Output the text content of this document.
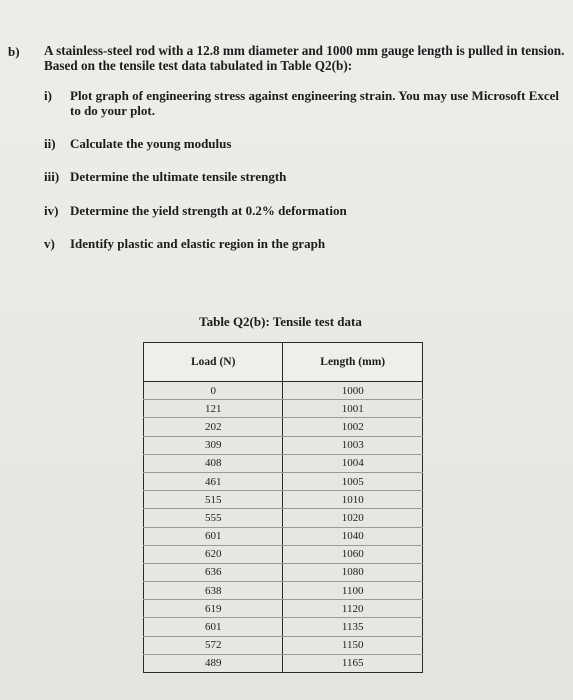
b) A stainless-steel rod with a 12.8 mm diameter and 1000 mm gauge length is pulled in tension. Based on the tensile test data tabulated in Table Q2(b):
i)	Plot graph of engineering stress against engineering strain. You may use Microsoft Excel to do your plot.
ii)	Calculate the young modulus
iii) Determine the ultimate tensile strength
iv) Determine the yield strength at 0.2% deformation
v)	Identify plastic and elastic region in the graph
Table Q2(b): Tensile test data
Load (N)	Length (mm)
0	1000
121	1001
202	1002
309	1003
408	1004
461	1005
515	1010
555	1020
601	1040
620	1060
636	1080
638	1100
619	1120
601	1135
572	1150
489	1165
